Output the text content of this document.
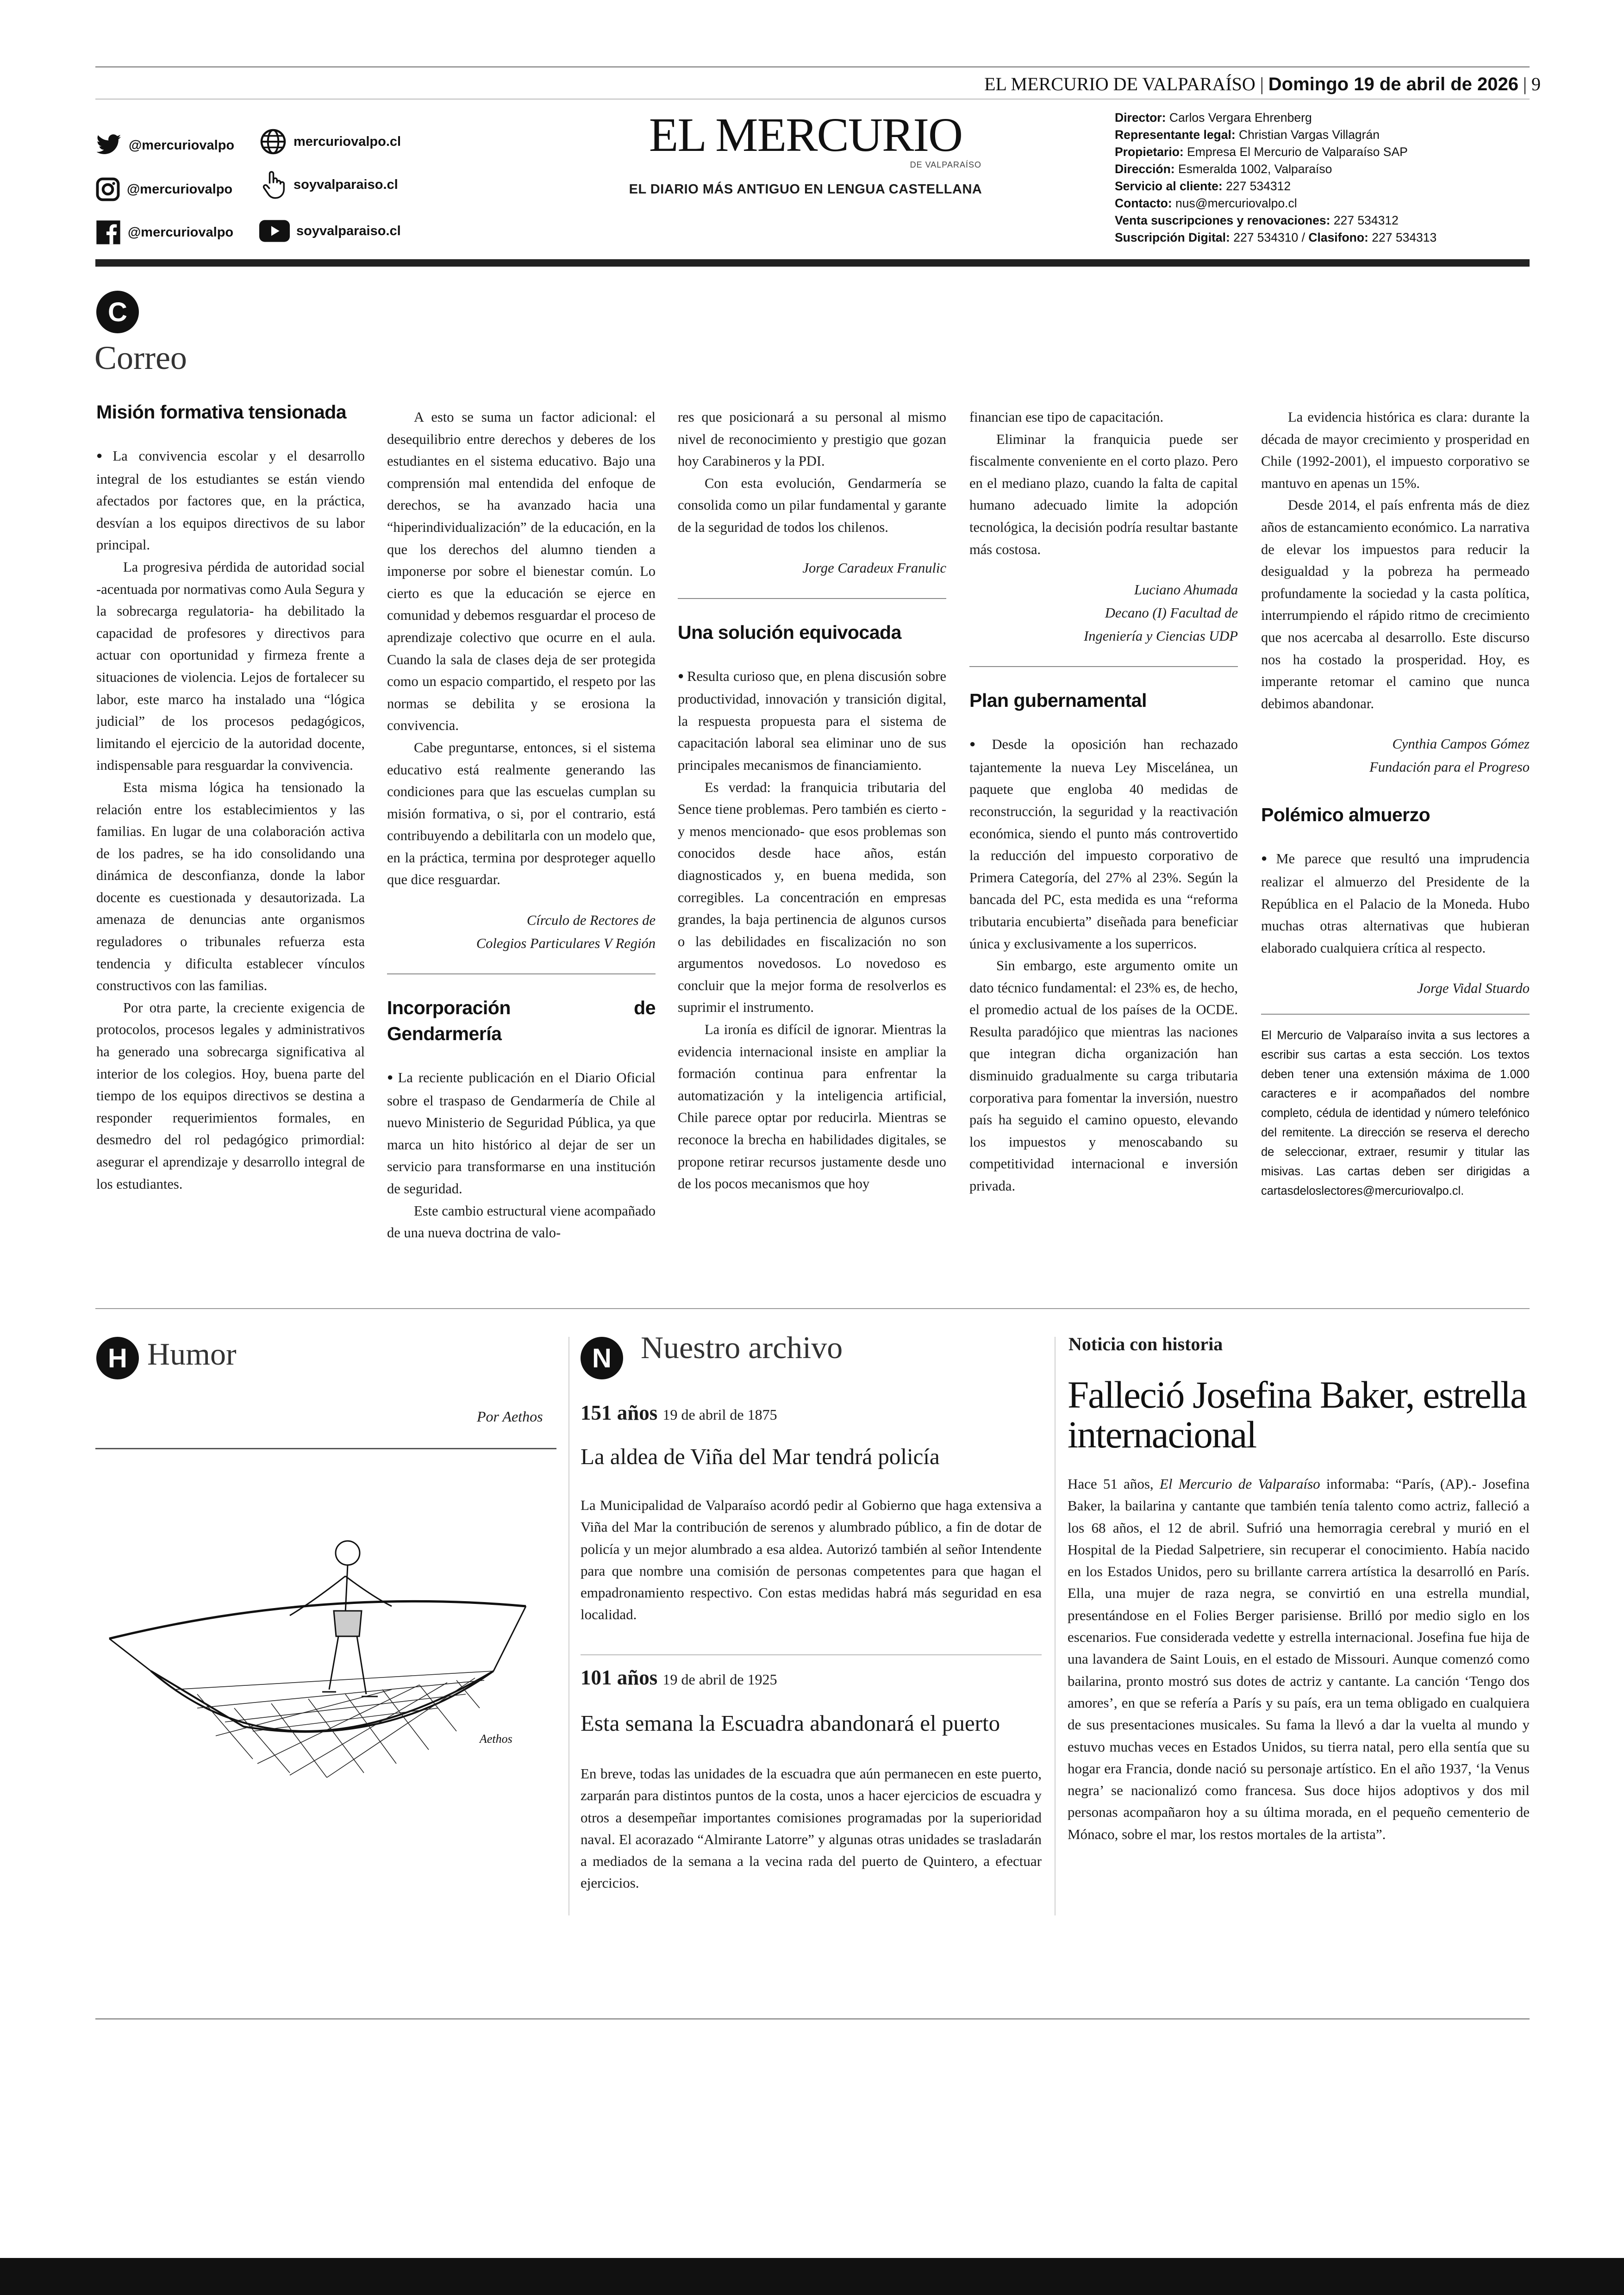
EL MERCURIO DE VALPARAÍSO | Domingo 19 de abril de 2026 | 9
@mercuriovalpo
@mercuriovalpo
@mercuriovalpo
mercuriovalpo.cl
soyvalparaiso.cl
soyvalparaiso.cl
EL MERCURIO
DE VALPARAÍSO
EL DIARIO MÁS ANTIGUO EN LENGUA CASTELLANA
Director: Carlos Vergara Ehrenberg
Representante legal: Christian Vargas Villagrán
Propietario: Empresa El Mercurio de Valparaíso SAP
Dirección: Esmeralda 1002, Valparaíso
Servicio al cliente: 227 534312
Contacto: nus@mercuriovalpo.cl
Venta suscripciones y renovaciones: 227 534312
Suscripción Digital: 227 534310 / Clasifono: 227 534313
C
Correo
Misión formativa tensionada

● La convivencia escolar y el desarrollo integral de los estudiantes se están viendo afectados por factores que, en la práctica, desvían a los equipos directivos de su labor principal.

La progresiva pérdida de autoridad social -acentuada por normativas como Aula Segura y la sobrecarga regulatoria- ha debilitado la capacidad de profesores y directivos para actuar con oportunidad y firmeza frente a situaciones de violencia. Lejos de fortalecer su labor, este marco ha instalado una “lógica judicial” de los procesos pedagógicos, limitando el ejercicio de la autoridad docente, indispensable para resguardar la convivencia.

Esta misma lógica ha tensionado la relación entre los establecimientos y las familias. En lugar de una colaboración activa de los padres, se ha ido consolidando una dinámica de desconfianza, donde la labor docente es cuestionada y desautorizada. La amenaza de denuncias ante organismos reguladores o tribunales refuerza esta tendencia y dificulta establecer vínculos constructivos con las familias.

Por otra parte, la creciente exigencia de protocolos, procesos legales y administrativos ha generado una sobrecarga significativa al interior de los colegios. Hoy, buena parte del tiempo de los equipos directivos se destina a responder requerimientos formales, en desmedro del rol pedagógico primordial: asegurar el aprendizaje y desarrollo integral de los estudiantes.

A esto se suma un factor adicional: el desequilibrio entre derechos y deberes de los estudiantes en el sistema educativo. Bajo una comprensión mal entendida del enfoque de derechos, se ha avanzado hacia una “hiperindividualización” de la educación, en la que los derechos del alumno tienden a imponerse por sobre el bienestar común. Lo cierto es que la educación se ejerce en comunidad y debemos resguardar el proceso de aprendizaje colectivo que ocurre en el aula. Cuando la sala de clases deja de ser protegida como un espacio compartido, el respeto por las normas se debilita y se erosiona la convivencia.

Cabe preguntarse, entonces, si el sistema educativo está realmente generando las condiciones para que las escuelas cumplan su misión formativa, o si, por el contrario, está contribuyendo a debilitarla con un modelo que, en la práctica, termina por desproteger aquello que dice resguardar.

Círculo de Rectores de
Colegios Particulares V Región
Incorporación de Gendarmería

● La reciente publicación en el Diario Oficial sobre el traspaso de Gendarmería de Chile al nuevo Ministerio de Seguridad Pública, ya que marca un hito histórico al dejar de ser un servicio para transformarse en una institución de seguridad.

Este cambio estructural viene acompañado de una nueva doctrina de valo-

res que posicionará a su personal al mismo nivel de reconocimiento y prestigio que gozan hoy Carabineros y la PDI.

Con esta evolución, Gendarmería se consolida como un pilar fundamental y garante de la seguridad de todos los chilenos.

Jorge Caradeux Franulic
Una solución equivocada

● Resulta curioso que, en plena discusión sobre productividad, innovación y transición digital, la respuesta propuesta para el sistema de capacitación laboral sea eliminar uno de sus principales mecanismos de financiamiento.

Es verdad: la franquicia tributaria del Sence tiene problemas. Pero también es cierto -y menos mencionado- que esos problemas son conocidos desde hace años, están diagnosticados y, en buena medida, son corregibles. La concentración en empresas grandes, la baja pertinencia de algunos cursos o las debilidades en fiscalización no son argumentos novedosos. Lo novedoso es concluir que la mejor forma de resolverlos es suprimir el instrumento.

La ironía es difícil de ignorar. Mientras la evidencia internacional insiste en ampliar la formación continua para enfrentar la automatización y la inteligencia artificial, Chile parece optar por reducirla. Mientras se reconoce la brecha en habilidades digitales, se propone retirar recursos justamente desde uno de los pocos mecanismos que hoy

financian ese tipo de capacitación.

Eliminar la franquicia puede ser fiscalmente conveniente en el corto plazo. Pero en el mediano plazo, cuando la falta de capital humano adecuado limite la adopción tecnológica, la decisión podría resultar bastante más costosa.

Luciano Ahumada
Decano (I) Facultad de
Ingeniería y Ciencias UDP
Plan gubernamental

● Desde la oposición han rechazado tajantemente la nueva Ley Miscelánea, un paquete que engloba 40 medidas de reconstrucción, la seguridad y la reactivación económica, siendo el punto más controvertido la reducción del impuesto corporativo de Primera Categoría, del 27% al 23%. Según la bancada del PC, esta medida es una “reforma tributaria encubierta” diseñada para beneficiar única y exclusivamente a los superricos.

Sin embargo, este argumento omite un dato técnico fundamental: el 23% es, de hecho, el promedio actual de los países de la OCDE. Resulta paradójico que mientras las naciones que integran dicha organización han disminuido gradualmente su carga tributaria corporativa para fomentar la inversión, nuestro país ha seguido el camino opuesto, elevando los impuestos y menoscabando su competitividad internacional e inversión privada.

La evidencia histórica es clara: durante la década de mayor crecimiento y prosperidad en Chile (1992-2001), el impuesto corporativo se mantuvo en apenas un 15%.

Desde 2014, el país enfrenta más de diez años de estancamiento económico. La narrativa de elevar los impuestos para reducir la desigualdad y la pobreza ha permeado profundamente la sociedad y la casta política, interrumpiendo el rápido ritmo de crecimiento que nos acercaba al desarrollo. Este discurso nos ha costado la prosperidad. Hoy, es imperante retomar el camino que nunca debimos abandonar.

Cynthia Campos Gómez
Fundación para el Progreso
Polémico almuerzo

● Me parece que resultó una imprudencia realizar el almuerzo del Presidente de la República en el Palacio de la Moneda. Hubo muchas otras alternativas que hubieran elaborado cualquiera crítica al respecto.

Jorge Vidal Stuardo
El Mercurio de Valparaíso invita a sus lectores a escribir sus cartas a esta sección. Los textos deben tener una extensión máxima de 1.000 caracteres e ir acompañados del nombre completo, cédula de identidad y número telefónico del remitente. La dirección se reserva el derecho de seleccionar, extraer, resumir y titular las misivas. Las cartas deben ser dirigidas a cartasdeloslectores@mercuriovalpo.cl.
H Humor
Por Aethos
Aethos
N Nuestro archivo
151 años 19 de abril de 1875
La aldea de Viña del Mar tendrá policía
La Municipalidad de Valparaíso acordó pedir al Gobierno que haga extensiva a Viña del Mar la contribución de serenos y alumbrado público, a fin de dotar de policía y un mejor alumbrado a esa aldea. Autorizó también al señor Intendente para que nombre una comisión de personas competentes para que hagan el empadronamiento respectivo. Con estas medidas habrá más seguridad en esa localidad.
101 años 19 de abril de 1925
Esta semana la Escuadra abandonará el puerto
En breve, todas las unidades de la escuadra que aún permanecen en este puerto, zarparán para distintos puntos de la costa, unos a hacer ejercicios de escuadra y otros a desempeñar importantes comisiones programadas por la superioridad naval. El acorazado “Almirante Latorre” y algunas otras unidades se trasladarán a mediados de la semana a la vecina rada del puerto de Quintero, a efectuar ejercicios.
Noticia con historia
Falleció Josefina Baker, estrella internacional
Hace 51 años, El Mercurio de Valparaíso informaba: “París, (AP).- Josefina Baker, la bailarina y cantante que también tenía talento como actriz, falleció a los 68 años, el 12 de abril. Sufrió una hemorragia cerebral y murió en el Hospital de la Piedad Salpetriere, sin recuperar el conocimiento. Había nacido en los Estados Unidos, pero su brillante carrera artística la desarrolló en París. Ella, una mujer de raza negra, se convirtió en una estrella mundial, presentándose en el Folies Berger parisiense. Brilló por medio siglo en los escenarios. Fue considerada vedette y estrella internacional. Josefina fue hija de una lavandera de Saint Louis, en el estado de Missouri. Aunque comenzó como bailarina, pronto mostró sus dotes de actriz y cantante. La canción ‘Tengo dos amores’, en que se refería a París y su país, era un tema obligado en cualquiera de sus presentaciones musicales. Su fama la llevó a dar la vuelta al mundo y estuvo muchas veces en Estados Unidos, su tierra natal, pero ella sentía que su hogar era Francia, donde nació su personaje artístico. En el año 1937, ‘la Venus negra’ se nacionalizó como francesa. Sus doce hijos adoptivos y dos mil personas acompañaron hoy a su última morada, en el pequeño cementerio de Mónaco, sobre el mar, los restos mortales de la artista”.
